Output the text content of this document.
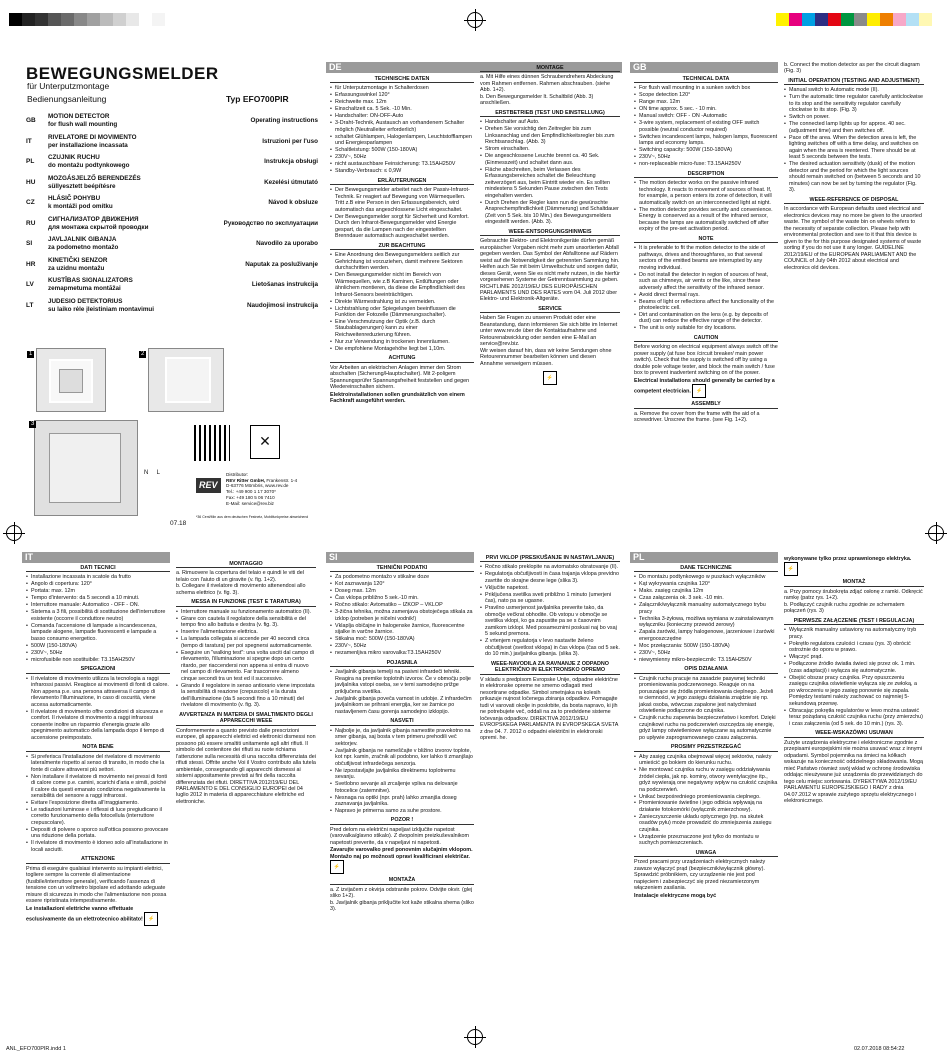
BEWEGUNGSMELDER
für Unterputzmontage
Bedienungsanleitung	Typ EFO700PIR
GB
MOTION DETECTOR
for flush wall mounting
Operating instructions
IT
RIVELATORE DI MOVIMENTO
per installazione incassata
Istruzioni per l'uso
PL
CZUJNIK RUCHU
do montażu podtynkowego
Instrukcja obsługi
HU
MOZGÁSJELZŐ BERENDEZÉS
süllyesztett beépítésre
Kezelési útmutató
CZ
HLÁSIČ POHYBU
k montáži pod omítku
Návod k obsluze
RU
СИГНАЛИЗАТОР ДВИЖЕНИЯ
для монтажа скрытой проводки
Руководство по эксплуатации
SI
JAVLJALNIK GIBANJA
za podometno montažo
Navodilo za uporabo
HR
KINETIČKI SENZOR
za uzidnu montažu
Naputak za posluživanje
LV
KUSTĪBAS SIGNALIZATORS
zemapmetuma montāžai
Lietošanas instrukcija
LT
JUDESIO DETEKTORIUS
su laiko rėle įleistiniam montavimui
Naudojimosi instrukcija
1	2
3
N     L
✕
REV
Distributor:
REV Ritter GmbH, Frankenstr. 1-4
D-63776 Mömbris, www.rev.de
Tel.: +49 900 1 17 3070*
Fax: +49 180 5 06 7410
E-Mail: service@rev.biz
*36 Cent/Min aus dem deutschen Festnetz, Mobilfunkpreise abweichend
07.18
DE
TECHNISCHE DATEN
• für Unterputzmontage in Schalterdosen
• Erfassungswinkel 120°
• Reichweite max. 12m
• Einschaltzeit ca. 5 Sek. -10 Min.
• Handschalter: ON-OFF-Auto
• 3-Draht-Technik, Austausch an vorhandenem Schalter möglich (Neutralleiter erforderlich)
• schaltet Glühlampen, Halogenlampen, Leuchtstofflampen und Energiesparlampen
• Schaltleistung: 500W (150-180VA)
• 230V~, 50Hz
• nicht austauschbare Feinsicherung: T3.15AH250V
• Standby-Verbrauch: ≤ 0,9W
ERLÄUTERUNGEN
• Der Bewegungsmelder arbeitet nach der Passiv-Infrarot-Technik. Er reagiert auf Bewegung von Wärmequellen. Tritt z.B eine Person in den Erfassungsbereich, wird automatisch das angeschlossene Licht eingeschaltet.
• Der Bewegungsmelder sorgt für Sicherheit und Komfort. Durch den Infrarot-Bewegungsmelder wird Energie gespart, da die Lampen nach der eingestellten Brenndauer automatisch ausgeschaltet werden.
ZUR BEACHTUNG
• Eine Anordnung des Bewegungsmelders seitlich zur Gehrichtung ist vorzuziehen, damit mehrere Sektoren durchschritten werden.
• Den Bewegungsmelder nicht im Bereich von Wärmequellen, wie z.B Kaminen, Entlüftungen oder ähnlichem montieren, da diese die Empfindlichkeit des Infrarot-Sensors beeinträchtigen.
• Direkte Wärmestrahlung ist zu vermeiden.
• Lichtstrahlung oder Spiegelungen beeinflussen die Funktion der Fotozelle (Dämmerungsschalter).
• Eine Verschmutzung der Optik (z.B. durch Staubablagerungen) kann zu einer Reichweitenreduzierung führen.
• Nur zur Verwendung in trockenen Innenräumen.
• Die empfohlene Montagehöhe liegt bei 1,10m.
ACHTUNG

Vor Arbeiten an elektrischen Anlagen immer den Strom abschalten (Sicherung/Hauptschalter). Mit 2-poligem Spannungsprüfer Spannungsfreiheit feststellen und gegen Wiedereinschalten sichern.

Elektroinstallationen sollen grundsätzlich von einem Fachkraft ausgeführt werden.

MONTAGE

a. Mit Hilfe eines dünnen Schraubendrehers Abdeckung vom Rahmen entfernen. Rahmen abschrauben. (siehe Abb. 1+2).
b. Den Bewegungsmelder lt. Schaltbild (Abb. 3) anschließen.

ERSTBETRIEB (TEST UND EINSTELLUNG)
• Handschalter auf Auto.
• Drehen Sie vorsichtig den Zeitregler bis zum Linksanschlag und den Empfindlichkeitsregler bis zum Rechtsanschlag. (Abb. 3)
• Strom einschalten.
• Die angeschlossene Leuchte brennt ca. 40 Sek. (Einmesszeit) und schaltet dann aus.
• Fläche abschreiten, beim Verlassen des Erfassungsbereiches schaltet die Beleuchtung zeitverzögert aus, beim Eintritt wieder ein. Es sollten mindestens 5 Sekunden Pause zwischen den Tests eingehalten werden.
• Durch Drehen der Regler kann nun die gewünschte Ansprechempfindlichkeit (Dämmerung) und Schaltdauer (Zeit von 5 Sek. bis 10 Min.) des Bewegungsmelders eingestellt werden. (Abb. 3).
WEEE-ENTSORGUNGSHINWEIS

Gebrauchte Elektro- und Elektronikgeräte dürfen gemäß europäischer Vorgaben nicht mehr zum unsortierten Abfall gegeben werden. Das Symbol der Abfalltonne auf Rädern weist auf die Notwendigkeit der getrennten Sammlung hin. Helfen auch Sie mit beim Umweltschutz und sorgen dafür, dieses Gerät, wenn Sie es nicht mehr nutzen, in die hierfür vorgesehenen Systeme der Getrenntsammlung zu geben. RICHTLINIE 2012/19/EU DES EUROPÄISCHEN PARLAMENTS UND DES RATES vom 04. Juli 2012 über Elektro- und Elektronik-Altgeräte.

SERVICE

Haben Sie Fragen zu unseren Produkt oder eine Beanstandung, dann informieren Sie sich bitte im Internet unter www.rev.de über die Kontaktaufnahme und Retourenabwicklung oder senden eine E-Mail an service@rev.biz.
Wir weisen darauf hin, dass wir keine Sendungen ohne Retourennummer bearbeiten können und diesen Annahme verweigern müssen.

⚡
GB
TECHNICAL DATA
• For flush wall mounting in a sunken switch box
• Scope detection 120°
• Range max. 12m
• ON time approx. 5 sec. - 10 min.
• Manual switch: OFF - ON -Automatic
• 3-wire system, replacement of existing OFF switch possible (neutral conductor required)
• Switches incandescent lamps, halogen lamps, fluorescent lamps and economy lamps.
• Switching capacity: 500W (150-180VA)
• 230V~, 50Hz
• non-replaceable micro-fuse: T3.15AH250V
DESCRIPTION
• The motion detector works on the passive infrared technology. It reacts to movement of sources of heat. If, for example, a person enters its zone of detection, it will automatically switch on an interconnected light at night.
• The motion detector provides security and convenience. Energy is conserved as a result of the infrared sensor, because the lamps are automatically switched off after expiry of the pre-set activation period.
NOTE
• It is preferable to fit the motion detector to the side of pathways, drives and thoroughfares, so that several sectors of the emitted beams are interrupted by any moving individual.
• Do not install the detector in region of sources of heat, such as chimneys, air vents or the like, since these adversely affect the sensitivity of the infrared sensor.
• Avoid direct thermal rays.
• Beams of light or reflections affect the functionality of the photoelectric cell.
• Dirt and contamination on the lens (e.g. by deposits of dust) can reduce the effective range of the detector.
• The unit is only suitable for dry locations.
CAUTION

Before working on electrical equipment always switch off the power supply (at fuse box /circuit breaker/ main power switch). Check that the supply is switched off by using a double pole voltage tester, and block the main switch / fuse box to prevent inadvertent switching on of the power.

Electrical installations should generally be carried by a competent electrician. ⚡

ASSEMBLY

a. Remove the cover from the frame with the aid of a screwdriver. Unscrew the frame. (see Fig. 1+2).

b. Connect the motion detector as per the circuit diagram (Fig. 3)

INITIAL OPERATION (TESTING AND ADJUSTMENT)
• Manual switch to Automatic mode (II).
• Turn the automatic time regulator carefully anticlockwise to its stop and the sensitivity regulator carefully clockwise to its stop. (Fig. 3)
• Switch on power.
• The connected lamp lights up for approx. 40 sec. (adjustment time) and then switches off.
• Pace off the area. When the detection area is left, the lighting switches off with a time delay, and switches on again when the area is reentered. There should be at least 5 seconds between the tests.
• The desired actuation sensitivity (dusk) of the motion detector and the period for which the light sources should remain switched on (between 5 seconds and 10 minutes) can now be set by turning the regulator (Fig. 3).
WEEE-REFERENCE OF DISPOSAL

In accordance with European defaults used electrical and electronics devices may no more be given to the unsorted waste. The symbol of the waste bin on wheels refers to the necessity of separate collection. Please help with environmental protection and see to it that this device is given to the for this purpose designated systems of waste sorting if you do not use it any longer. GUIDELINE 2012/19/EU of the EUROPEAN PARLIAMENT AND the COUNCIL of July 04th 2012 about electrical and electronics old devices.

IT
DATI TECNICI
• Installazione incassata in scatole da frutto
• Angolo di copertura: 120°
• Portata: max. 12m
• Tempo d'intervento: da 5 secondi a 10 minuti.
• Interruttore manuale: Automatico - OFF - ON.
• Sistema a 3 fili, possibilità di sostituzione dell'interruttore esistente (occorre il conduttore neutro)
• Comanda l'accensione di lampade a incandescenza, lampade alogene, lampade fluorescenti e lampade a basso consumo energetico.
• 500W (150-180VA)
• 230V~, 50Hz
• microfusibile non sostituibile: T3.15AH250V
SPIEGAZIONI
• Il rivelatore di movimento utilizza la tecnologia a raggi infrarossi passivi. Reagisce ai movimenti di fonti di calore. Non appena p.e. una persona attraversa il campo di rilevamento l'illuminazione, in caso di oscurità, viene accesa automaticamente.
• Il rivelatore di movimento offre condizioni di sicurezza e comfort. Il rivelatore di movimento a raggi infrarossi consente inoltre un risparmio d'energia grazie allo spegnimento automatico della lampada dopo il tempo di accensione preimpostato.
NOTA BENE
• Si preferisca l'installazione del rivelatore di movimento lateralmente rispetto al senso di transito, in modo che la fonte di calore attraversi più settori.
• Non installare il rivelatore di movimento nei pressi di fonti di calore come p.e. camini, scarichi d'aria e simili, poiché il calore da questi emanato condiziona negativamente la sensibilità del sensore a raggi infrarossi.
• Evitare l'esposizione diretta all'irraggiamento.
• Le radiazioni luminose e i riflessi di luce pregiudicano il corretto funzionamento della fotocellula (interruttore crepuscolare).
• Depositi di polvere o sporco sull'ottica possono provocare una riduzione della portata.
• Il rivelatore di movimento è idoneo solo all'installazione in locali asciutti.
ATTENZIONE

Prima di eseguire qualsiasi intervento su impianti elettrici, togliere sempre la corrente di alimentazione (fusibile/interruttore generale), verificando l'assenza di tensione con un voltmetro bipolare ed adottando adeguate misure di sicurezza in modo che l'alimentazione non possa essere ripristinata intempestivamente.

Le installazioni elettriche vanno effettuate esclusivamente da un elettrotecnico abilitato! ⚡

MONTAGGIO

a. Rimuovere la copertura del telaio e quindi le viti del telaio con l'aiuto di un giravite (v. fig. 1+2).
b. Collegare il rivelatore di movimento attenendosi allo schema elettrico (v. fig. 3).

MESSA IN FUNZIONE (TEST E TARATURA)
• Interruttore manuale su funzionamento automatico (II).
• Girare con cautela il regolatore della sensibilità e del tempo fino allo battuta e destra (v. fig. 3).
• Inserire l'alimentazione elettrica.
• La lampada collegata si accende per 40 secondi circa (tempo di taratura) per poi spegnersi automaticamente.
• Eseguire un "walking test": una volta usciti dal campo di rilevamento, l'illuminazione si spegne dopo un certo ritardo, per riaccendersi non appena si entra di nuovo nel campo di rilevamento. Far trascorrere almeno cinque secondi tra un test ed il successivo.
• Girando il regolatore in senso antiorario viene impostata la sensibilità di reazione (crepuscolo) e la durata dell'illuminazione (da 5 secondi fino a 10 minuti) del rivelatore di movimento (v. fig. 3).
AVVERTENZA IN MATERIA DI SMALTIMENTO DEGLI APPARECCHI WEEE

Conformemente a quanto previsto dalle prescrizioni europee, gli apparecchi elettrici ed elettronici dismessi non possono più essere smaltiti unitamente agli altri rifiuti. Il simbolo del contenitore dei rifiuti su ruote richiama l'attenzione sulla necessità di una raccolta differenziata dei rifiuti stessi. Offrite anche Voi il Vostro contributo alla tutela ambientale, consegnando gli apparecchi dismessi ai sistemi appositamente previsti ai fini della raccolta differenziata dei rifiuti. DIRETTIVA 2012/19/EU DEL PARLAMENTO E DEL CONSIGLIO EUROPEI del 04 luglio 2012 in materia di apparecchiature elettriche ed elettroniche.

SI
TEHNIČNI PODATKI
• Za podometno montažo v stikalne doze
• Kot zaznavanja 120°
• Doseg max. 12m
• Čas vklopa približno 5 sek.-10 min.
• Ročno stikalo: Avtomatiko – IZKOP – VKLOP
• 3-žična tehnika, možna zamenjava obstoječega stikala za izklop (potreben je ničelni vodnik!)
• Vklaplja običajne in halogenske žarnice, fluorescentne sijalke in varčne žarnice.
• Stikalna moč: 500W (150-180VA)
• 230V~, 50Hz
• nezamenljiva mikro varovalka:T3.15AH250V
POJASNILA
• Javljalnik gibanja temelji na pasivni infrardeči tehniki. Reagira na premike toplotnih izvorov. Če v območju polje javljalnika vstopi oseba, se v temi samodejno prižge priključena svetilka.
• Javljalnik gibanja poveča varnost in udobje. Z infrardečim javljalnikom se prihrani energija, ker se žarnice po nastavljenem času gorenja samodejno izklopijo.
NASVETI
• Najbolje je, da javljalnik gibanja namestite pravokotno na smer gibanja, saj bosta v tem primeru prehodili več sektorjev.
• Javljalnik gibanja ne nameščajte v bližino izvorov toplote, kot npr. kamin, zračnik ali podobno, ker lahko ti zmanjšajo občutljivost infrardečega senzorja.
• Ne izpostavljajte javljalnika direktnemu toplotnemu sevanju.
• Svetlobno sevanje ali zrcaljenje vpliva na delovanje fotocelice (zatemnitve).
• Nesnaga na optiki (npr. prah) lahko zmanjša doseg zaznavanja javljalnika.
• Napravo je primerna samo za suhe prostore.
POZOR !

Pred delom na električni napeljavi izključite napetost (varovalka/glavno stikalo). Z dvopolnim preizkuševalnikom napetosti preverite, da v napeljavi ni napetosti.

Zavarujte varovalko pred ponovnim slučajnim vklopom. Montažo naj po možnosti opravi kvalificirani električar. ⚡

MONTAŽA

a. Z izvijačem z okvirja odstranite pokrov. Odvijte okvir. (glej sliko 1+2).
b. Javljalnik gibanja priključite kot kaže stikalna shema (sliko 3).

PRVI VKLOP (PRESKUŠANJE IN NASTAVLJANJE)
• Ročno stikalo preklopite na avtomatsko obratovanje (II).
• Regulatorja občutljivosti in časa trajanja vklopa previdno zavrtite do skrajne desne lege (slika 3).
• Vključite napetost.
• Priključena svetilka sveti približno 1 minuto (umerjeni čas), nato pa se ugasne.
• Pravilno usmerjenost javljalnika preverite tako, da območje večkrat obhodite. Ob vstopu v območje se svetilka vklopi, ko ga zapustite pa se s časovnim zamikom izklopi. Med posameznimi poskusi naj bo vsaj 5 sekund premora.
• Z vrtenjem regulatorja v levo nastavite želeno občutljivost (svetlost vklopa) in čas vklopa (čas od 5 sek. do 10 min.) javljalnika gibanja. (slika 3).
WEEE-NAVODILA ZA RAVNANJE Z ODPADNO ELEKTRIČNO IN ELEKTRONSKO OPREMO

V skladu s predpisom Evropske Unije, odpadne električne in elektronske opreme ne smemo odlagati med nesortirane odpadke. Simbol smetnjaka na kolesih prikazuje nujnost ločenega zbiranja odpadkov. Pomagajte tudi vi varovati okolje in poskrbite, da bosta napravo, ki jih ne potrebujete več, oddali na za to predvidene sisteme ločevanja odpadkov. DIREKTIVA 2012/19/EU EVROPSKEGA PARLAMENTA IN EVROPSKEGA SVETA z dne 04. 7. 2012 o odpadni električni in elektronski opremi. he.

PL
DANE TECHNICZNE
• Do montażu podtynkowego w puszkach wyłączników
• Kąt wykrywania czujnika 120°
• Maks. zasięg czujnika 12m
• Czas załączenia ok. 3 sek. -10 min.
• Załącznik/wyłącznik manualny automatycznego trybu pracy
• Technika 3-żyłowa, możliwa wymiana w zainstalowanym wyłączniku (konieczny przewód zerowy)
• Zapala żarówki, lampy halogenowe, jarzeniowe i żarówki energooszczędne
• Moc przełączania: 500W (150-180VA)
• 230V~, 50Hz
• niewymienny mikro-bezpiecznik: T3.15AH250V
OPIS DZIAŁANIA
• Czujnik ruchu pracuje na zasadzie pasywnej techniki promieniowania podczerwonego. Reaguje on na poruszające się źródła promieniowania cieplnego. Jeżeli w ciemności, w jego zasięgu działania znajdzie się np. jakaś osoba, wówczas zapalone jest natychmiast oświetlenie podłączone do czujnika.
• Czujnik ruchu zapewnia bezpieczeństwo i komfort. Dzięki czujnikowi ruchu na podczerwień oszczędza się energię, gdyż lampy oświetleniowe wyłączane są automatycznie po upływie zaprogramowanego czasu załączenia.
PROSIMY PRZESTRZEGAĆ
• Aby zasięg czujnika obejmował więcej sektorów, należy umieścić go bokiem do kierunku ruchu.
• Nie montować czujnika ruchu w zasięgu oddziaływania źródeł ciepła, jak np. kominy, otwory wentylacyjne itp., gdyż wywierają one negatywny wpływ na czułość czujnika na podczerwień.
• Unikać bezpośredniego promieniowania cieplnego.
• Promieniowanie świetlne i jego odbicia wpływają na działanie fotokomórki (wyłącznik zmierzchowy).
• Zanieczyszczenie układu optycznego (np. na skutek osadów pyłu) może prowadzić do zmniejszenia zasięgu czujnika.
• Urządzenie przeznaczone jest tylko do montażu w suchych pomieszczeniach.
UWAGA

Przed pracami przy urządzeniach elektrycznych należy zawsze wyłączyć prąd (bezpiecznik/wyłącznik główny). Sprawdzić próbnikiem, czy urządzenie nie jest pod napięciem i zabezpieczyć się przed niezamierzonym włączeniem zasilania.

Instalacje elektryczne mogą być

wykonywane tylko przez uprawnionego elektryka. ⚡

MONTAŻ

a. Przy pomocy śrubokręta zdjąć osłonę z ramki. Odkręcić ramkę (patrz rys. 1+2).
b. Podłączyć czujnik ruchu zgodnie ze schematem połączeń (rys. 3)

PIERWSZE ZAŁĄCZENIE (TEST I REGULACJA)
• Wyłącznik manualny ustawiony na automatyczny tryb pracy.
• Pokrętło regulatora czułości i czasu (rys. 3) obrócić ostrożnie do oporu w prawo.
• Włączyć prąd.
• Podłączone źródło światła świeci się przez ok. 1 min. (czas adaptacji) i wyłącza się automatycznie.
• Obejść obszar pracy czujnika. Przy opuszczeniu zasięgu czujnika oświetlenie wyłącza się ze zwłoką, a po wkroczeniu w jego zasięg ponownie się zapala. Pomiędzy testami należy zachować co najmniej 5-sekundową przerwę.
• Obracając pokrętła regulatorów w lewo można ustawić teraz pożądaną czułość czujnika ruchu (przy zmierzchu) i czas załączenia (od 5 sek. do 10 min.) (rys. 3).
WEEE-WSKAZÓWKI USUWAN

Zużyte urządzenia elektryczne i elektroniczne zgodnie z przepisami europejskimi nie można usuwać wraz z innymi odpadami. Symbol pojemnika na śmieci na kółkach wskazuje na konieczność oddzielnego składowania. Mogą mieć Państwo również swój wkład w ochronę środowiska oddając nieużywane już urządzenia do przewidzianych do tego celu miejsc sortowania. DYREKTYWA 2012/19/EU PARLAMENTU EUROPEJSKIEGO I RADY z dnia 04.07.2012 w sprawie zużytego sprzętu elektrycznego i elektronicznego.

ANL_EFO700PIR.indd 1	02.07.2018 08:54:22
